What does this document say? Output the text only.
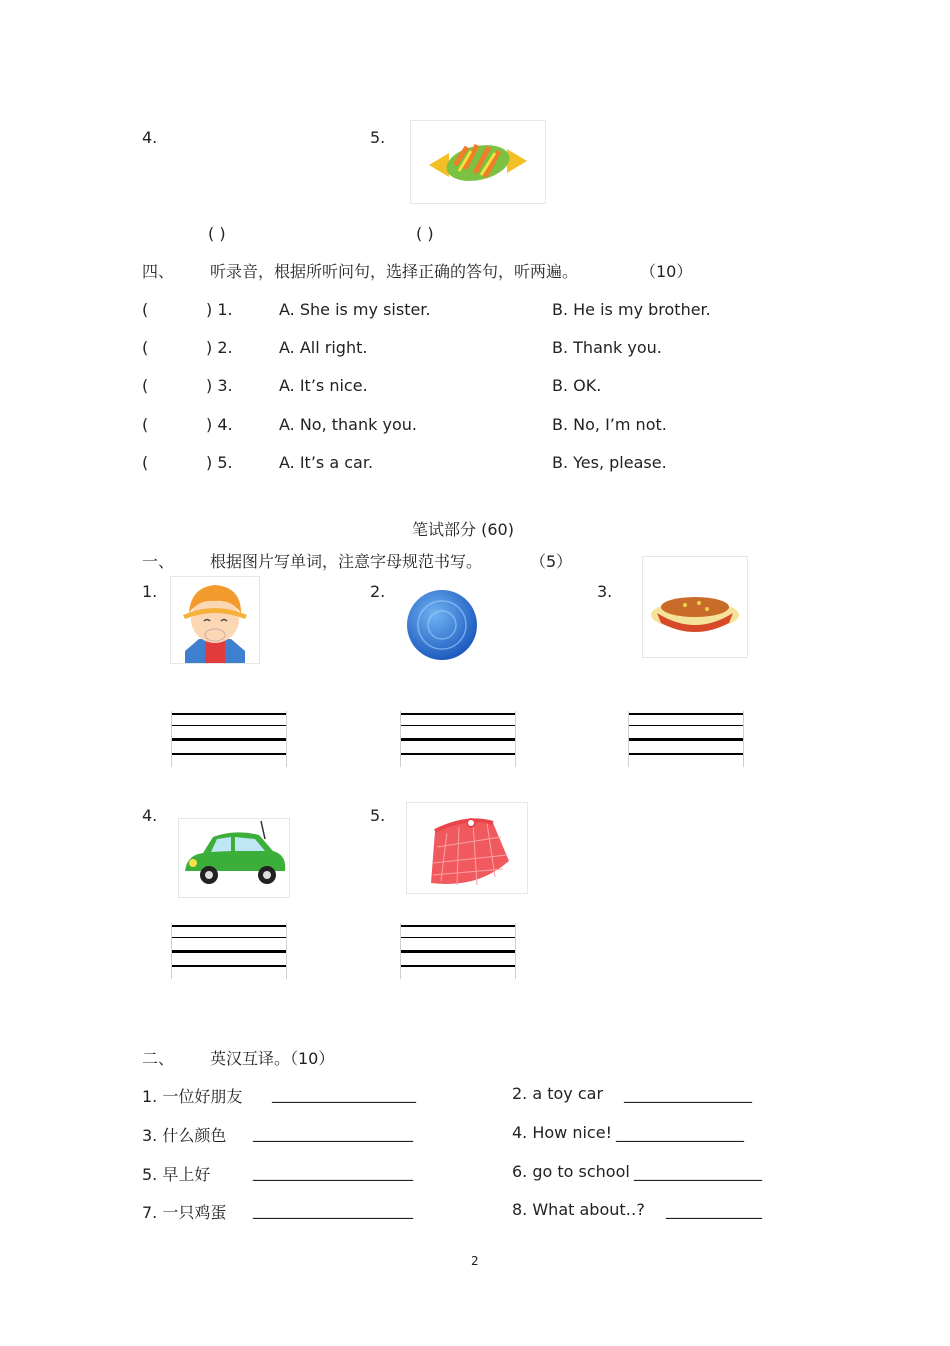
4.	5.
( )	( )
四、 听录音，根据所听问句，选择正确的答句，听两遍。	（10）
(	) 1.	A. She is my sister.	B. He is my brother.
(	) 2.	A. All right.	B. Thank you.
(	) 3.	A. It’s nice.	B. OK.
(	) 4.	A. No, thank you.	B. No, I’m not.
(	) 5.	A. It’s a car.	B. Yes, please.
笔试部分 (60)
一、 根据图片写单词，注意字母规范书写。	（5）
1.	2.	3.
4.	5.
二、 英汉互译。（10）
1. 一位好朋友 __________________	2. a toy car ________________
3. 什么颜色 ____________________	4. How nice! ________________
5. 早上好	____________________	6. go to school ________________
7. 一只鸡蛋 ____________________	8. What about‥? ____________
2
